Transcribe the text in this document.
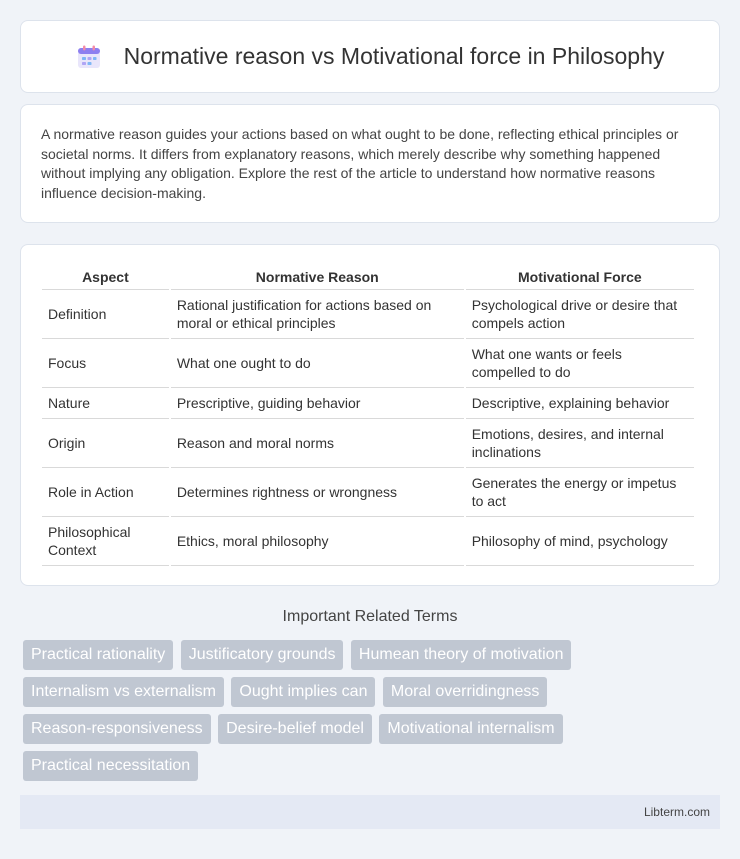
Normative reason vs Motivational force in Philosophy

A normative reason guides your actions based on what ought to be done, reflecting ethical principles or societal norms. It differs from explanatory reasons, which merely describe why something happened without implying any obligation. Explore the rest of the article to understand how normative reasons influence decision-making.

Aspect	Normative Reason	Motivational Force
Definition	Rational justification for actions based on moral or ethical principles	Psychological drive or desire that compels action
Focus	What one ought to do	What one wants or feels compelled to do
Nature	Prescriptive, guiding behavior	Descriptive, explaining behavior
Origin	Reason and moral norms	Emotions, desires, and internal inclinations
Role in Action	Determines rightness or wrongness	Generates the energy or impetus to act
Philosophical Context	Ethics, moral philosophy	Philosophy of mind, psychology
Important Related Terms
Practical rationality Justificatory grounds Humean theory of motivation Internalism vs externalism Ought implies can Moral overridingness Reason-responsiveness Desire-belief model Motivational internalism Practical necessitation
Libterm.com
